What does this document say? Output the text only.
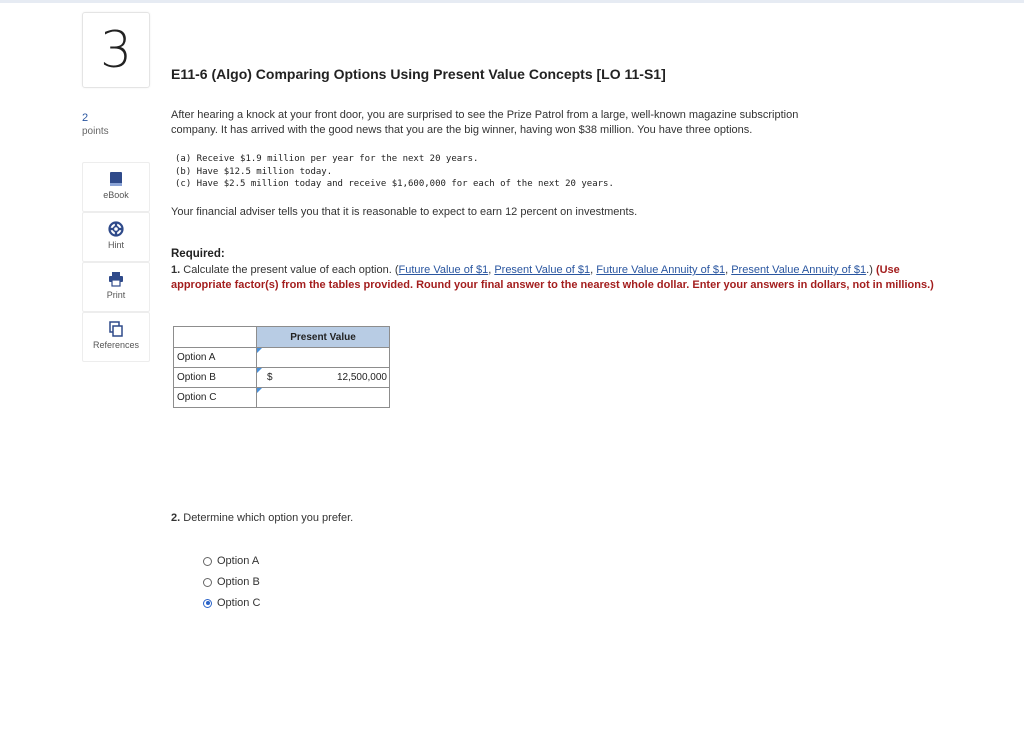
3
2
points
eBook
Hint
Print
References
E11-6 (Algo) Comparing Options Using Present Value Concepts [LO 11-S1]
After hearing a knock at your front door, you are surprised to see the Prize Patrol from a large, well-known magazine subscription
company. It has arrived with the good news that you are the big winner, having won $38 million. You have three options.
(a) Receive $1.9 million per year for the next 20 years.
(b) Have $12.5 million today.
(c) Have $2.5 million today and receive $1,600,000 for each of the next 20 years.
Your financial adviser tells you that it is reasonable to expect to earn 12 percent on investments.
Required:
1. Calculate the present value of each option. (Future Value of $1, Present Value of $1, Future Value Annuity of $1, Present Value Annuity of $1.) (Use appropriate factor(s) from the tables provided. Round your final answer to the nearest whole dollar. Enter your answers in dollars, not in millions.)
	Present Value
Option A	

Option B	$ 12,500,000

Option C	
2. Determine which option you prefer.
Option A
Option B
Option C
